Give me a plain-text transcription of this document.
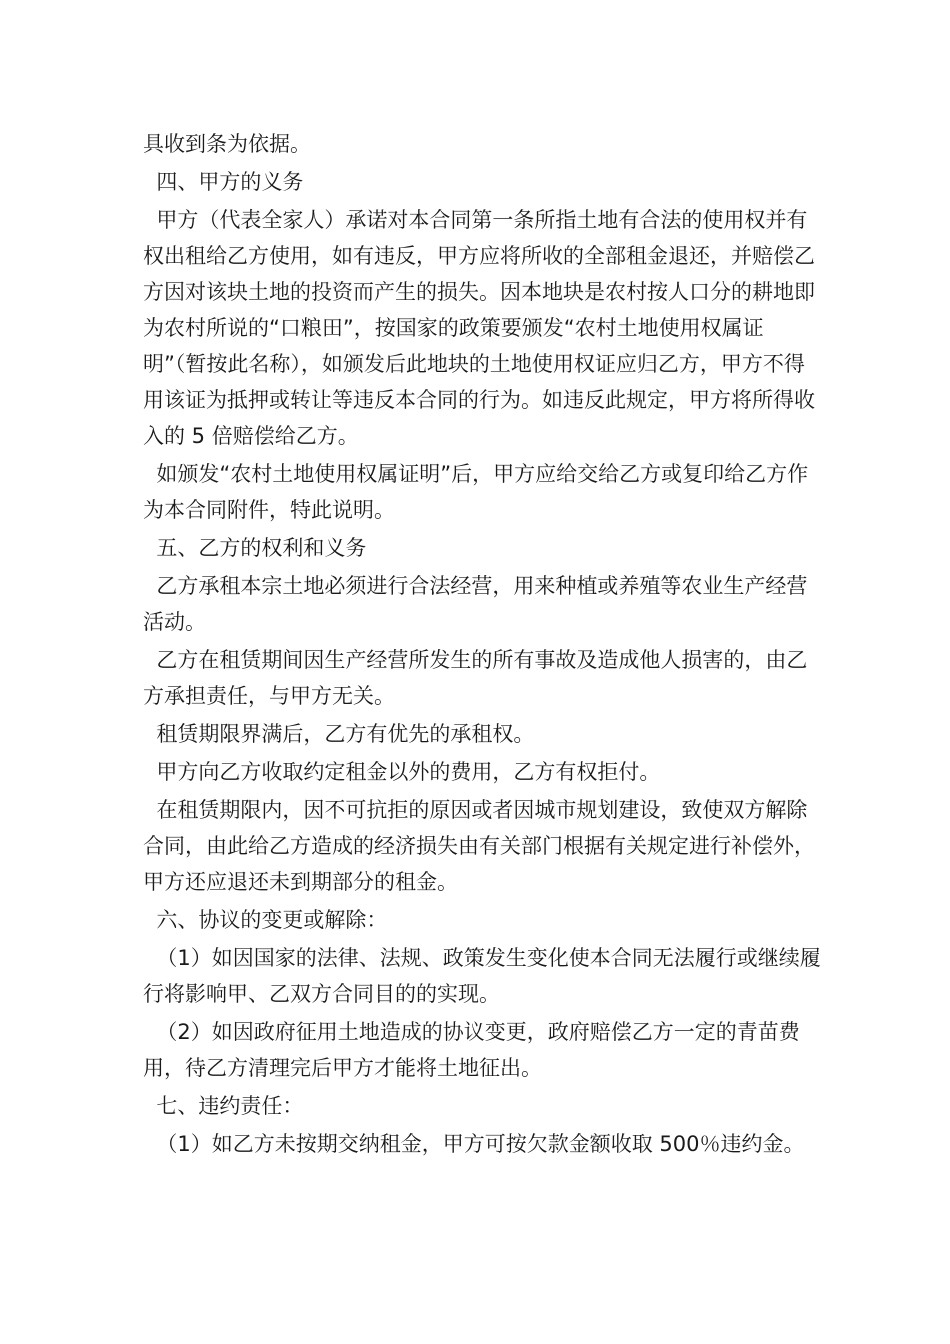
具收到条为依据。

四、甲方的义务

甲方（代表全家人）承诺对本合同第一条所指土地有合法的使用权并有权出租给乙方使用，如有违反，甲方应将所收的全部租金退还，并赔偿乙方因对该块土地的投资而产生的损失。因本地块是农村按人口分的耕地即为农村所说的“口粮田”，按国家的政策要颁发“农村土地使用权属证明”（暂按此名称），如颁发后此地块的土地使用权证应归乙方，甲方不得用该证为抵押或转让等违反本合同的行为。如违反此规定，甲方将所得收入的 5 倍赔偿给乙方。

如颁发“农村土地使用权属证明”后，甲方应给交给乙方或复印给乙方作为本合同附件，特此说明。

五、乙方的权利和义务

乙方承租本宗土地必须进行合法经营，用来种植或养殖等农业生产经营活动。

乙方在租赁期间因生产经营所发生的所有事故及造成他人损害的，由乙方承担责任，与甲方无关。

租赁期限界满后，乙方有优先的承租权。

甲方向乙方收取约定租金以外的费用，乙方有权拒付。

在租赁期限内，因不可抗拒的原因或者因城市规划建设，致使双方解除合同，由此给乙方造成的经济损失由有关部门根据有关规定进行补偿外，甲方还应退还未到期部分的租金。

六、协议的变更或解除：

（1）如因国家的法律、法规、政策发生变化使本合同无法履行或继续履行将影响甲、乙双方合同目的的实现。

（2）如因政府征用土地造成的协议变更，政府赔偿乙方一定的青苗费用，待乙方清理完后甲方才能将土地征出。

七、违约责任：

（1）如乙方未按期交纳租金，甲方可按欠款金额收取 500％违约金。
